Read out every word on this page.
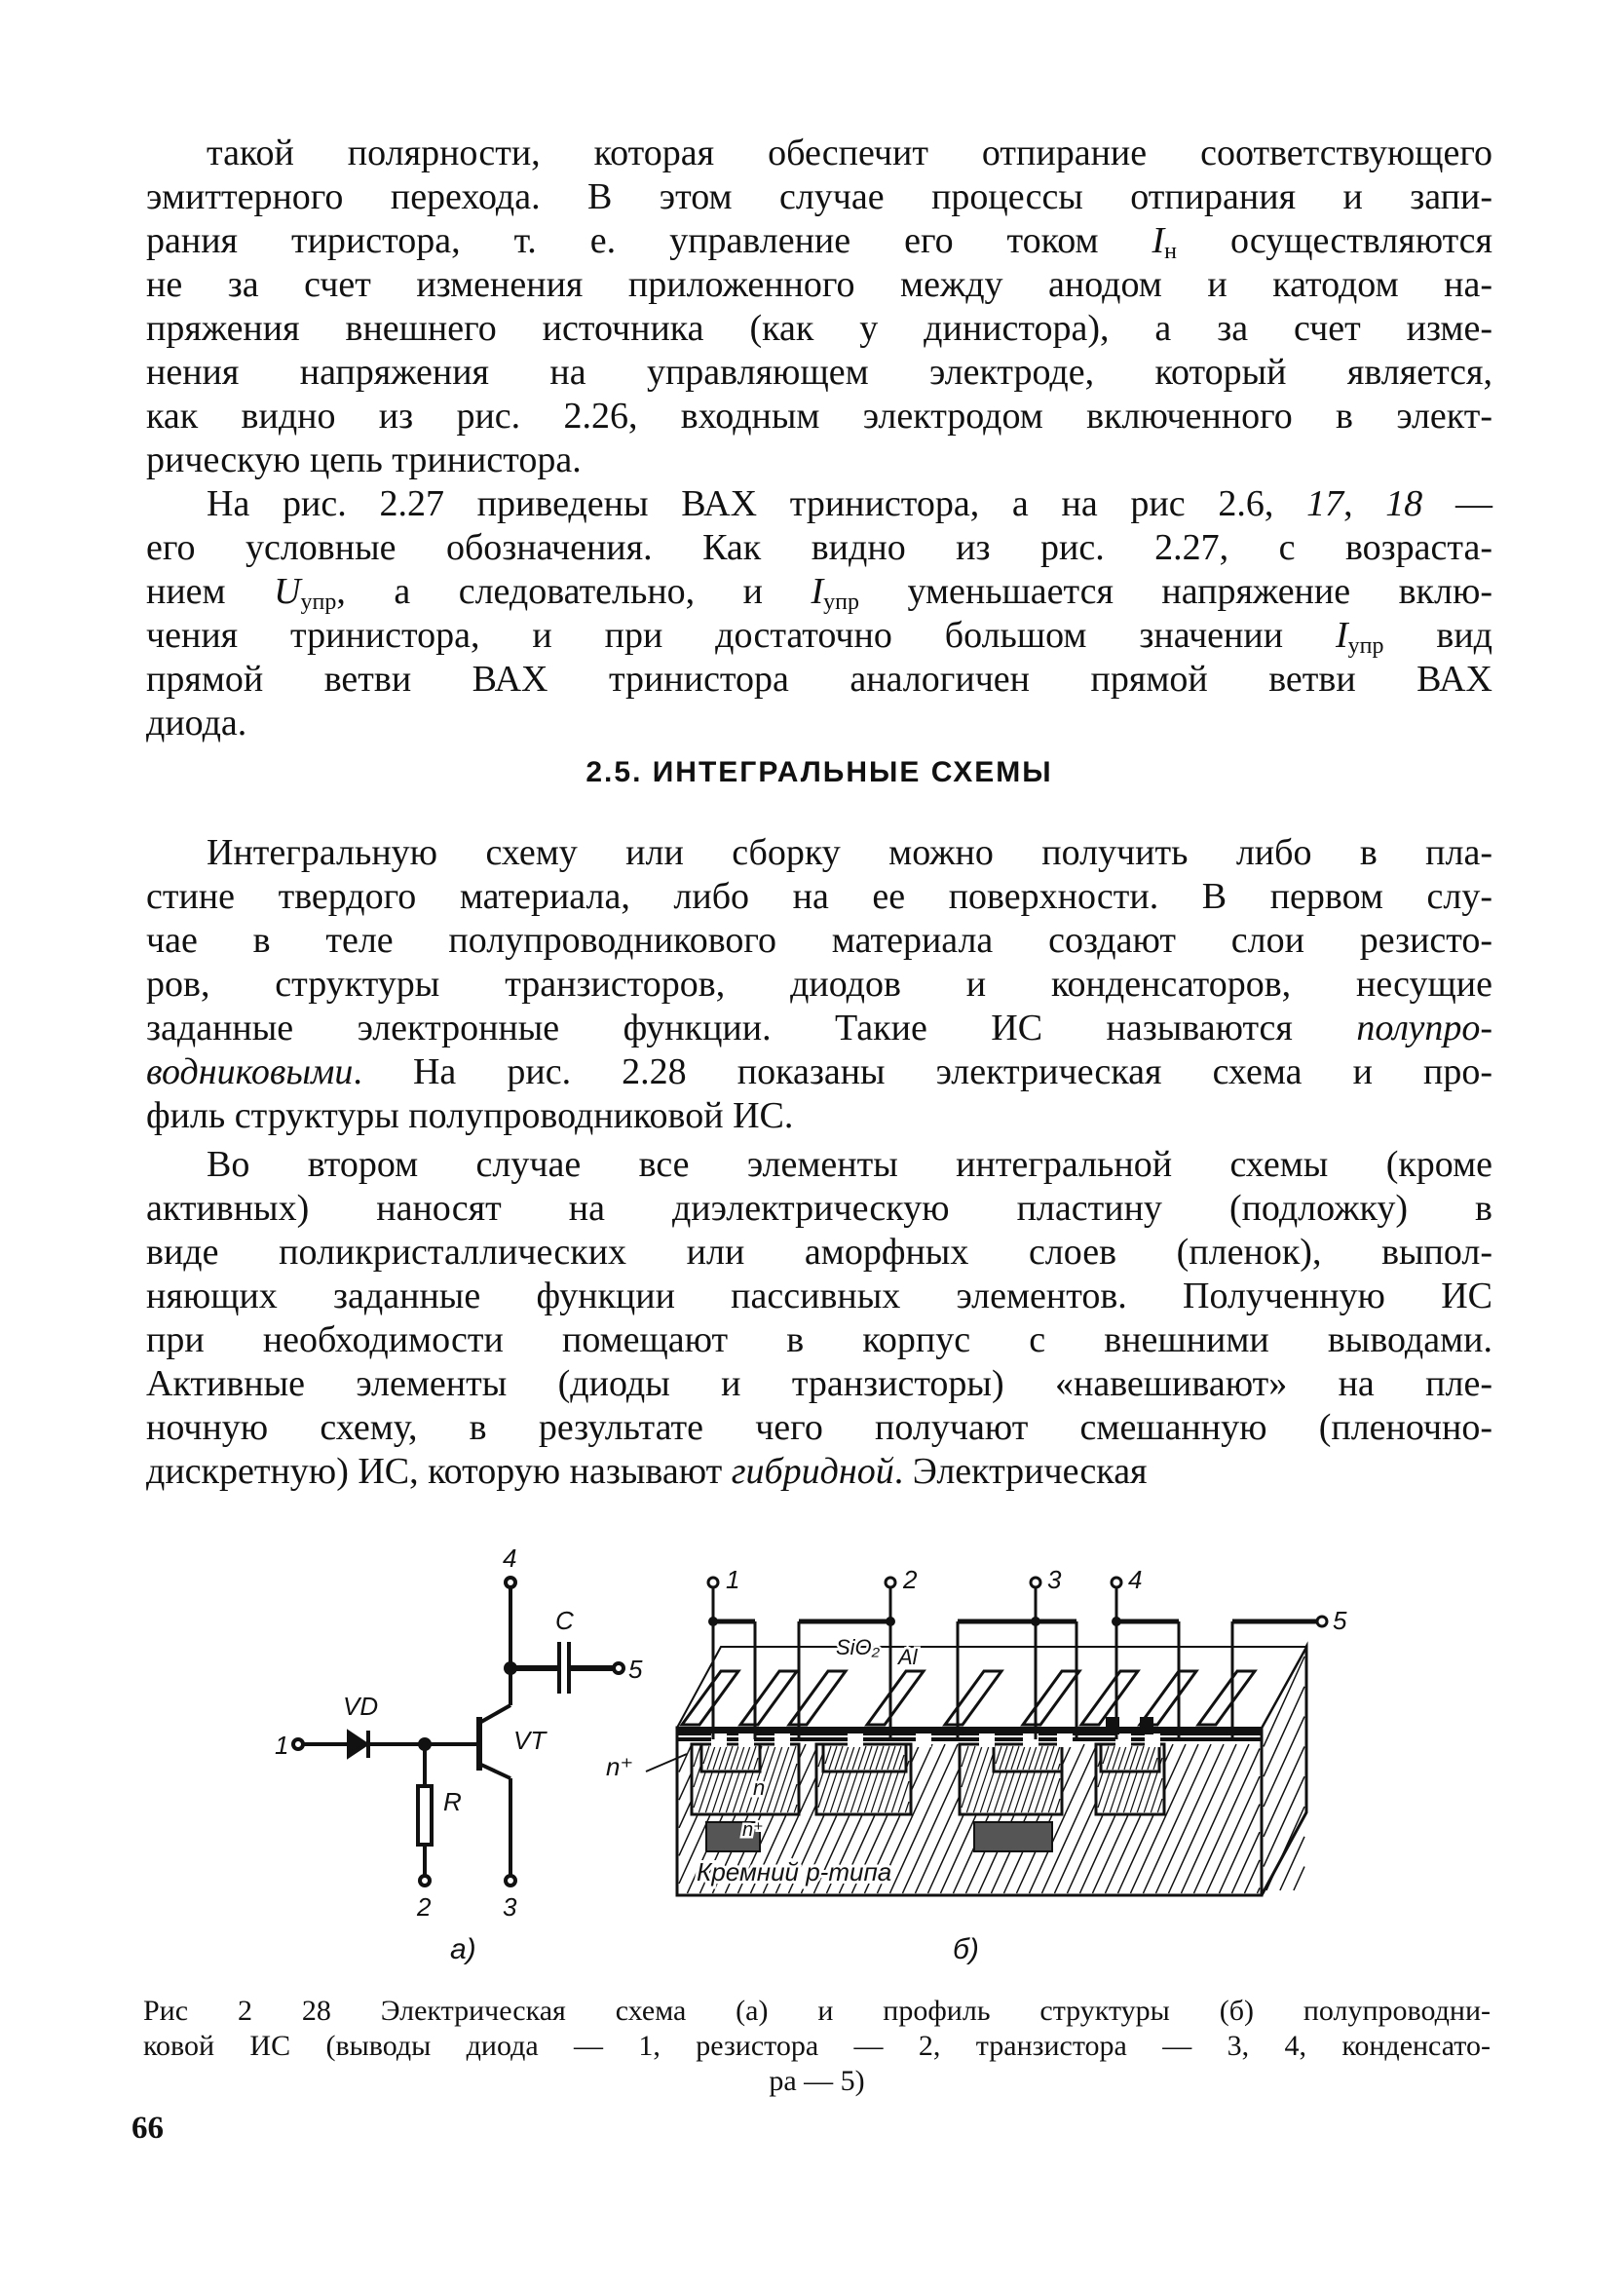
такой полярности, которая обеспечит отпирание соответствующего
эмиттерного перехода. В этом случае процессы отпирания и запи-
рания тиристора, т. е. управление его током $I_н$ осуществляются
не за счет изменения приложенного между анодом и катодом на-
пряжения внешнего источника (как у динистора), а за счет изме-
нения напряжения на управляющем электроде, который является,
как видно из рис. 2.26, входным электродом включенного в элект-
рическую цепь тринистора.
На рис. 2.27 приведены ВАХ тринистора, а на рис 2.6, 17, 18 —
его условные обозначения. Как видно из рис. 2.27, с возраста-
нием $U_{упр}$, а следовательно, и $I_{упр}$ уменьшается напряжение вклю-
чения тринистора, и при достаточно большом значении $I_{упр}$ вид
прямой ветви ВАХ тринистора аналогичен прямой ветви ВАХ
диода.
2.5. ИНТЕГРАЛЬНЫЕ СХЕМЫ
Интегральную схему или сборку можно получить либо в пла-
стине твердого материала, либо на ее поверхности. В первом слу-
чае в теле полупроводникового материала создают слои резисто-
ров, структуры транзисторов, диодов и конденсаторов, несущие
заданные электронные функции. Такие ИС называются полупро-
водниковыми. На рис. 2.28 показаны электрическая схема и про-
филь структуры полупроводниковой ИС.
Во втором случае все элементы интегральной схемы (кроме
активных) наносят на диэлектрическую пластину (подложку) в
виде поликристаллических или аморфных слоев (пленок), выпол-
няющих заданные функции пассивных элементов. Полученную ИС
при необходимости помещают в корпус с внешними выводами.
Активные элементы (диоды и транзисторы) «навешивают» на пле-
ночную схему, в результате чего получают смешанную (пленочно-
дискретную) ИС, которую называют гибридной. Электрическая
4
C
5
VD
1	VT
R
2	3
а)	б)
1	2	3	4
5
SiO₂ Al
n⁺
n
n⁺
Кремний p-типа
Рис 2 28 Электрическая схема (а) и профиль структуры (б) полупроводни-
ковой ИС (выводы диода — 1, резистора — 2, транзистора — 3, 4, конденсато-
ра — 5)
66
